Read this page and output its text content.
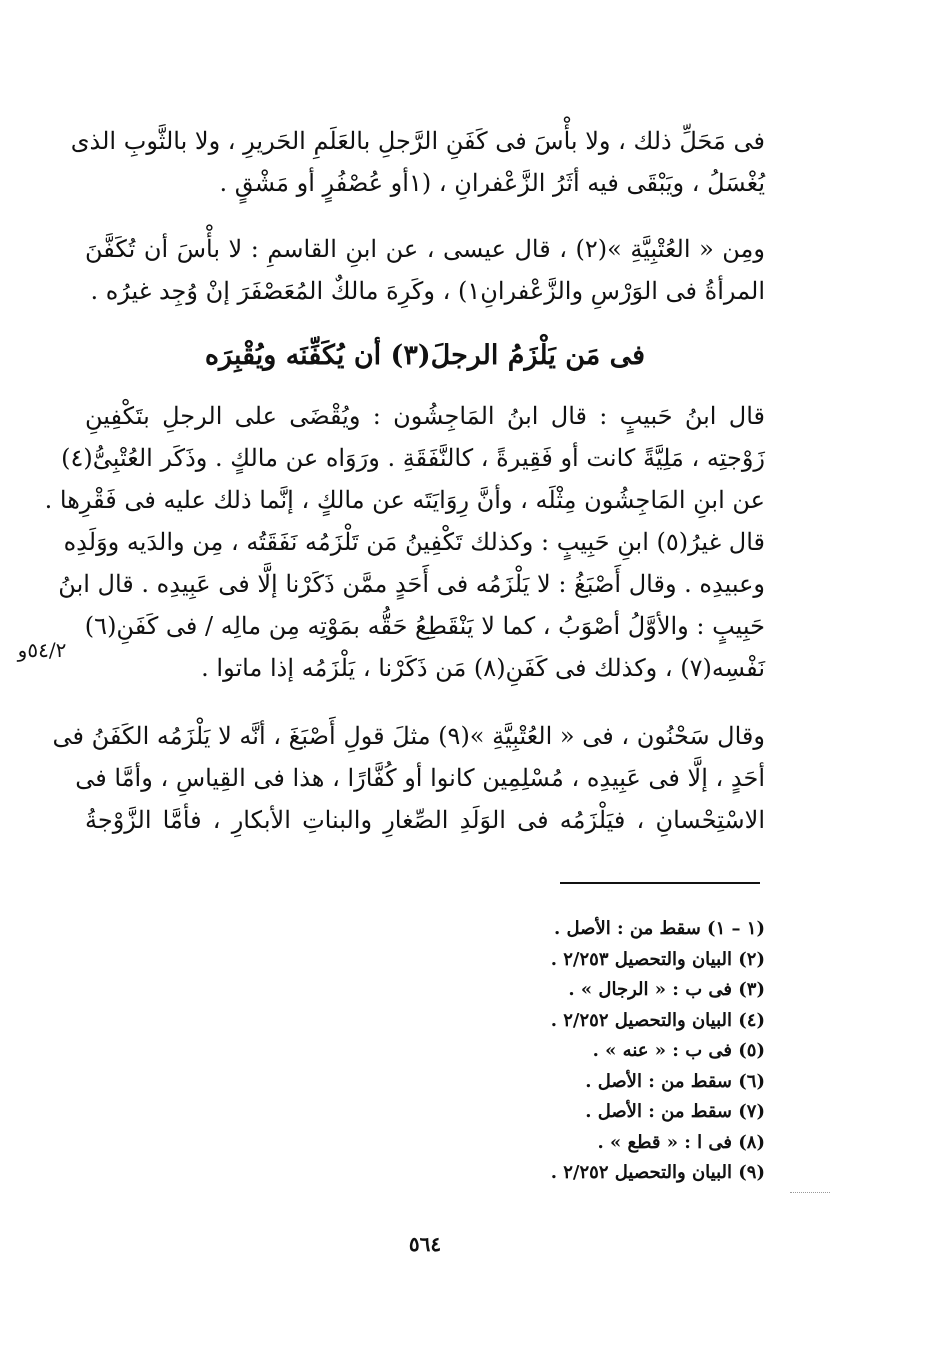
فى مَحَلِّ ذلك ، ولا بأْسَ فى كَفَنِ الرَّجلِ بالعَلَمِ الحَريرِ ، ولا بالثَّوبِ الذى
يُغْسَلُ ، ويَبْقَى فيه أثَرُ الزَّعْفرانِ ، (١أو عُصْفُرٍ أو مَشْقٍ .
ومِن « العُتْبِيَّةِ »(٢) ، قال عيسى ، عن ابنِ القاسمِ : لا بأْسَ أن تُكَفَّنَ
المرأةُ فى الوَرْسِ والزَّعْفرانِ١) ، وكَرِهَ مالكٌ المُعَصْفَرَ إنْ وُجِد غيرُه .
فى مَن يَلْزَمُ الرجلَ(٣) أن يُكَفِّنَه ويُقْبِرَه
قال ابنُ حَبيبٍ : قال ابنُ المَاجِشُون : ويُقْضَى على الرجلِ بتَكْفِينِ
زَوْجتِه ، مَلِيَّةً كانت أو فَقِيرةً ، كالنَّفَقَةِ . ورَوَاه عن مالكٍ . وذَكَر العُتْبِىُّ(٤)
عن ابنِ المَاجِشُون مِثْلَه ، وأنَّ رِوَايَتَه عن مالكٍ ، إنَّما ذلك عليه فى فَقْرِها .
قال غيرُ(٥) ابنِ حَبِيبٍ : وكذلك تَكْفِينُ مَن تَلْزَمُه نَفَقَتُه ، مِن والدَيه ووَلَدِه
وعبيدِه . وقال أَصْبَغُ : لا يَلْزَمُه فى أَحَدٍ ممَّن ذَكَرْنا إلَّا فى عَبِيدِه . قال ابنُ
حَبِيبٍ : والأوَّلُ أصْوَبُ ، كما لا يَنْقَطِعُ حَقُّه بمَوْتِه مِن مالِه / فى كَفَنِ(٦)
نَفْسِه(٧) ، وكذلك فى كَفَنِ(٨) مَن ذَكَرْنا ، يَلْزَمُه إذا ماتوا .
٥٤/٢و
وقال سَحْنُون ، فى « العُتْبِيَّةِ »(٩) مثلَ قولِ أَصْبَغَ ، أنَّه لا يَلْزَمُه الكَفَنُ فى
أحَدٍ ، إلَّا فى عَبِيدِه ، مُسْلِمِين كانوا أو كُفَّارًا ، هذا فى القِياسِ ، وأمَّا فى
الاسْتِحْسانِ ، فيَلْزَمُه فى الوَلَدِ الصِّغارِ والبناتِ الأبكارِ ، فأمَّا الزَّوْجةُ
(١ – ١) سقط من : الأصل .
(٢) البيان والتحصيل ٢/٢٥٣ .
(٣) فى ب : « الرجال » .
(٤) البيان والتحصيل ٢/٢٥٢ .
(٥) فى ب : « عنه » .
(٦) سقط من : الأصل .
(٧) سقط من : الأصل .
(٨) فى ا : « قطع » .
(٩) البيان والتحصيل ٢/٢٥٢ .
٥٦٤
